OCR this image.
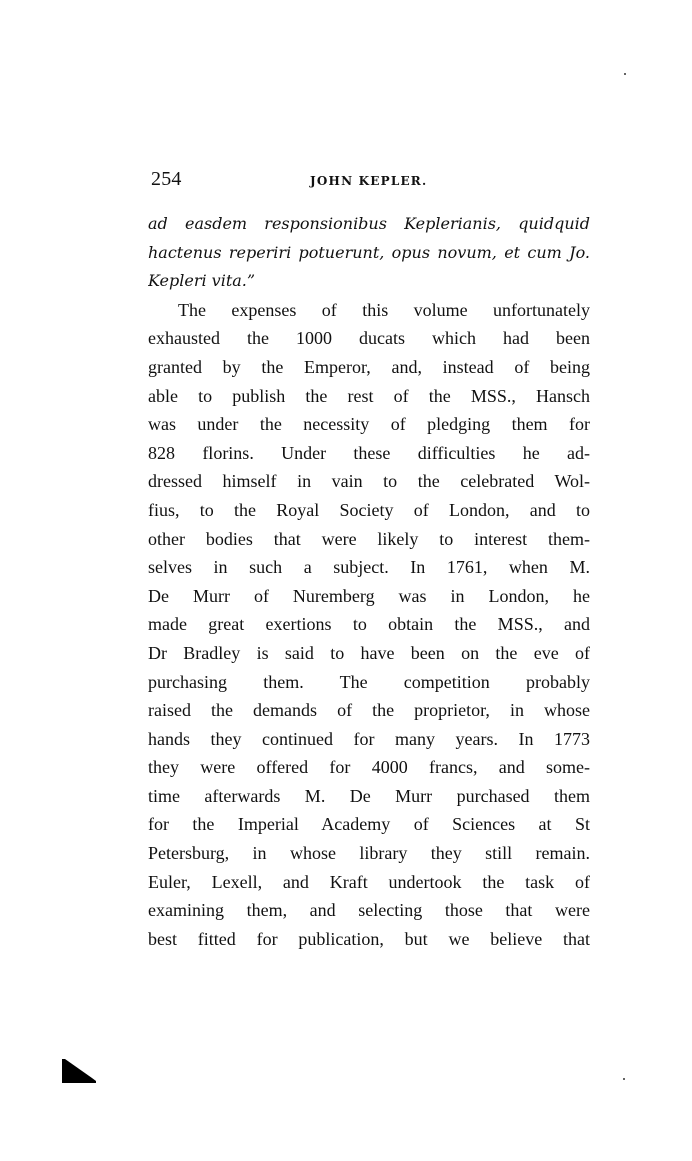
254	JOHN KEPLER.
ad easdem responsionibus Keplerianis, quidquid
hactenus reperiri potuerunt, opus novum, et cum Jo.
Kepleri vita.”
The expenses of this volume unfortunately
exhausted the 1000 ducats which had been
granted by the Emperor, and, instead of being
able to publish the rest of the MSS., Hansch
was under the necessity of pledging them for
828 florins. Under these difficulties he ad-
dressed himself in vain to the celebrated Wol-
fius, to the Royal Society of London, and to
other bodies that were likely to interest them-
selves in such a subject. In 1761, when M.
De Murr of Nuremberg was in London, he
made great exertions to obtain the MSS., and
Dr Bradley is said to have been on the eve of
purchasing them. The competition probably
raised the demands of the proprietor, in whose
hands they continued for many years. In 1773
they were offered for 4000 francs, and some-
time afterwards M. De Murr purchased them
for the Imperial Academy of Sciences at St
Petersburg, in whose library they still remain.
Euler, Lexell, and Kraft undertook the task of
examining them, and selecting those that were
best fitted for publication, but we believe that
